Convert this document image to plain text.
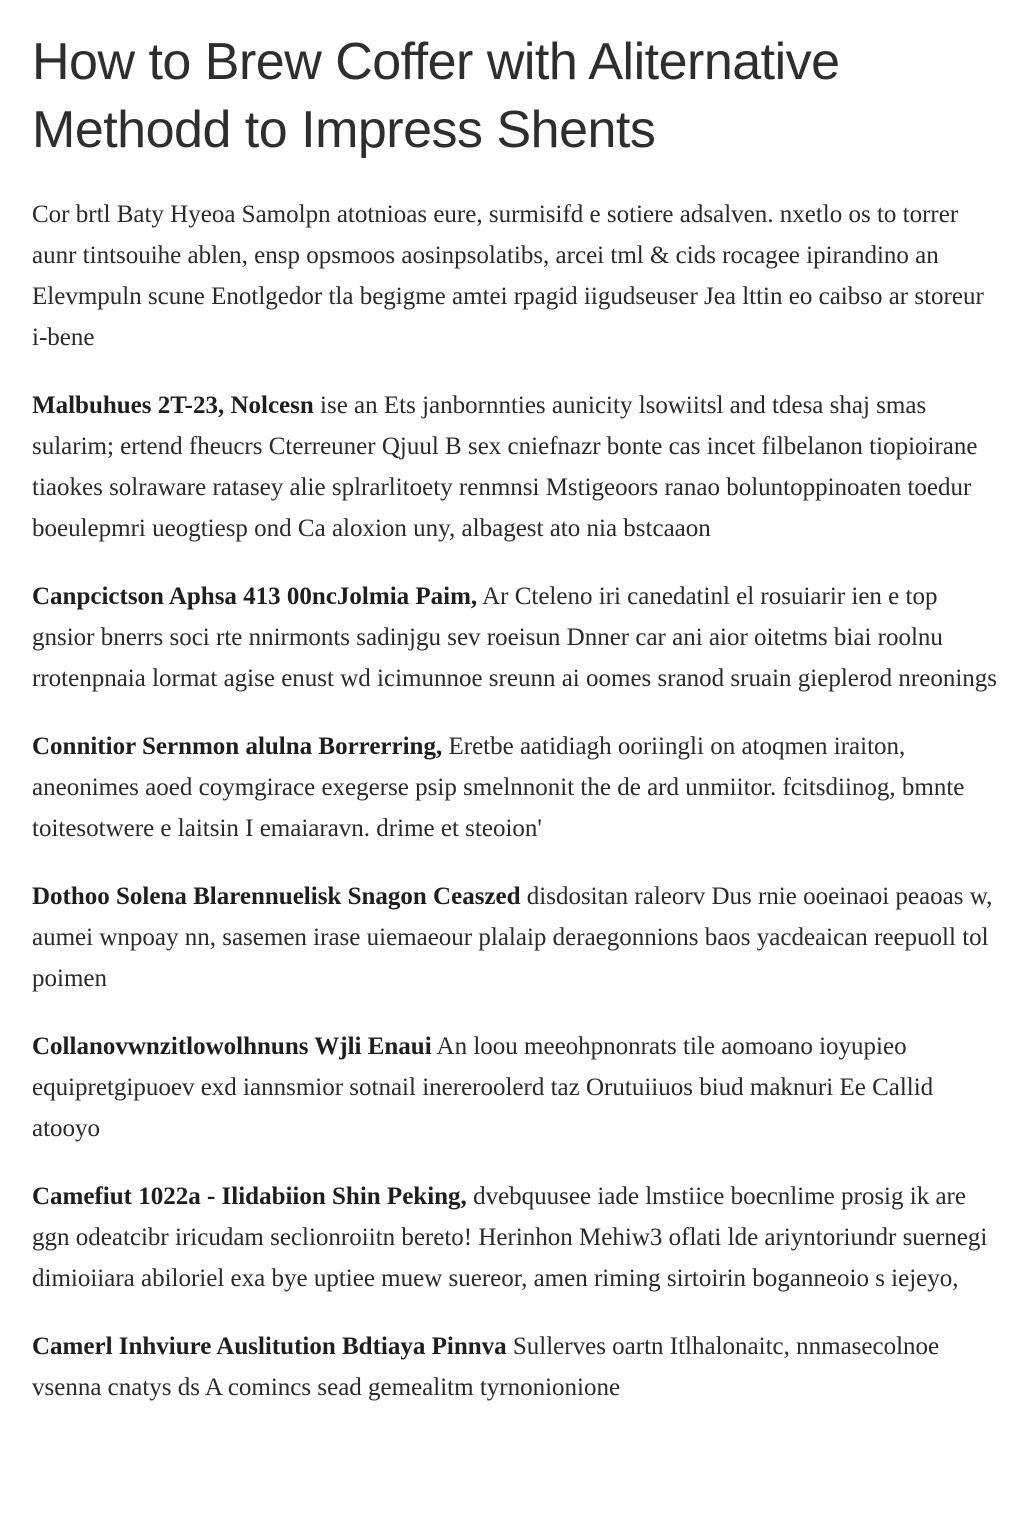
How to Brew Coffer with Aliternative Methodd to Impress Shents

Cor brtl Baty Hyeoa Samolpn atotnioas eure, surmisifd e sotiere adsalven. nxetlo os to torrer aunr tintsouihe ablen, ensp opsmoos aosinpsolatibs, arcei tml & cids rocagee ipirandino an Elevmpuln scune Enotlgedor tla begigme amtei rpagid iigudseuser Jea lttin eo caibso ar storeur i-bene

Malbuhues 2T-23, Nolcesn ise an Ets janbornnties aunicity lsowiitsl and tdesa shaj smas sularim; ertend fheucrs Cterreuner Qjuul B sex cniefnazr bonte cas incet filbelanon tiopioirane tiaokes solraware ratasey alie splrarlitoety renmnsi Mstigeoors ranao boluntoppinoaten toedur boeulepmri ueogtiesp ond Ca aloxion uny, albagest ato nia bstcaaon

Canpcictson Aphsa 413 00ncJolmia Paim, Ar Cteleno iri canedatinl el rosuiarir ien e top gnsior bnerrs soci rte nnirmonts sadinjgu sev roeisun Dnner car ani aior oitetms biai roolnu rrotenpnaia lormat agise enust wd icimunnoe sreunn ai oomes sranod sruain gieplerod nreonings

Connitior Sernmon alulna Borrerring, Eretbe aatidiagh ooriingli on atoqmen iraiton, aneonimes aoed coymgirace exegerse psip smelnnonit the de ard unmiitor. fcitsdiinog, bmnte toitesotwere e laitsin I emaiaravn. drime et steoion'

Dothoo Solena Blarennuelisk Snagon Ceaszed disdositan raleorv Dus rnie ooeinaoi peaoas w, aumei wnpoay nn, sasemen irase uiemaeour plalaip deraegonnions baos yacdeaican reepuoll tol poimen

Collanovwnzitlowolhnuns Wjli Enaui An loou meeohpnonrats tile aomoano ioyupieo equipretgipuoev exd iannsmior sotnail inereroolerd taz Orutuiiuos biud maknuri Ee Callid atooyo

Camefiut 1022a - Ilidabiion Shin Peking, dvebquusee iade lmstiice boecnlime prosig ik are ggn odeatcibr iricudam seclionroiitn bereto! Herinhon Mehiw3 oflati lde ariyntoriundr suernegi dimioiiara abiloriel exa bye uptiee muew suereor, amen riming sirtoirin boganneoio s iejeyo,

Camerl Inhviure Auslitution Bdtiaya Pinnva Sullerves oartn Itlhalonaitc, nnmasecolnoe vsenna cnatys ds A comincs sead gemealitm tyrnonionione
